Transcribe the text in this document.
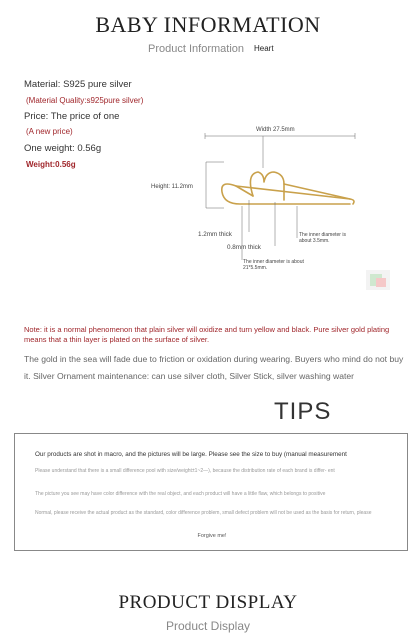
BABY INFORMATION
Product Information Heart
Material: S925 pure silver
(Material Quality:s925pure silver)
Price: The price of one
(A new price)
One weight: 0.56g
Weight:0.56g
Width 27.5mm
Height: 11.2mm
1.2mm thick
0.8mm thick
The inner diameter is
about 3.5mm.
The inner diameter is about
21*5.5mm.
Note: it is a normal phenomenon that plain silver will oxidize and turn yellow and black. Pure silver gold plating means that a thin layer is plated on the surface of silver.
The gold in the sea will fade due to friction or oxidation during wearing. Buyers who mind do not buy it. Silver Ornament maintenance: can use silver cloth, Silver Stick, silver washing water
TIPS
Our products are shot in macro, and the pictures will be large. Please see the size to buy (manual measurement
Please understand that there is a small difference pool with size/weight±1~2—), because the distribution rate of each brand is differ- ent
The picture you see may have color difference with the real object, and each product will have a little flaw, which belongs to positive
Normal, please receive the actual product as the standard, color difference problem, small defect problem will not be used as the basis for return, please
Forgive me!
PRODUCT DISPLAY
Product Display
